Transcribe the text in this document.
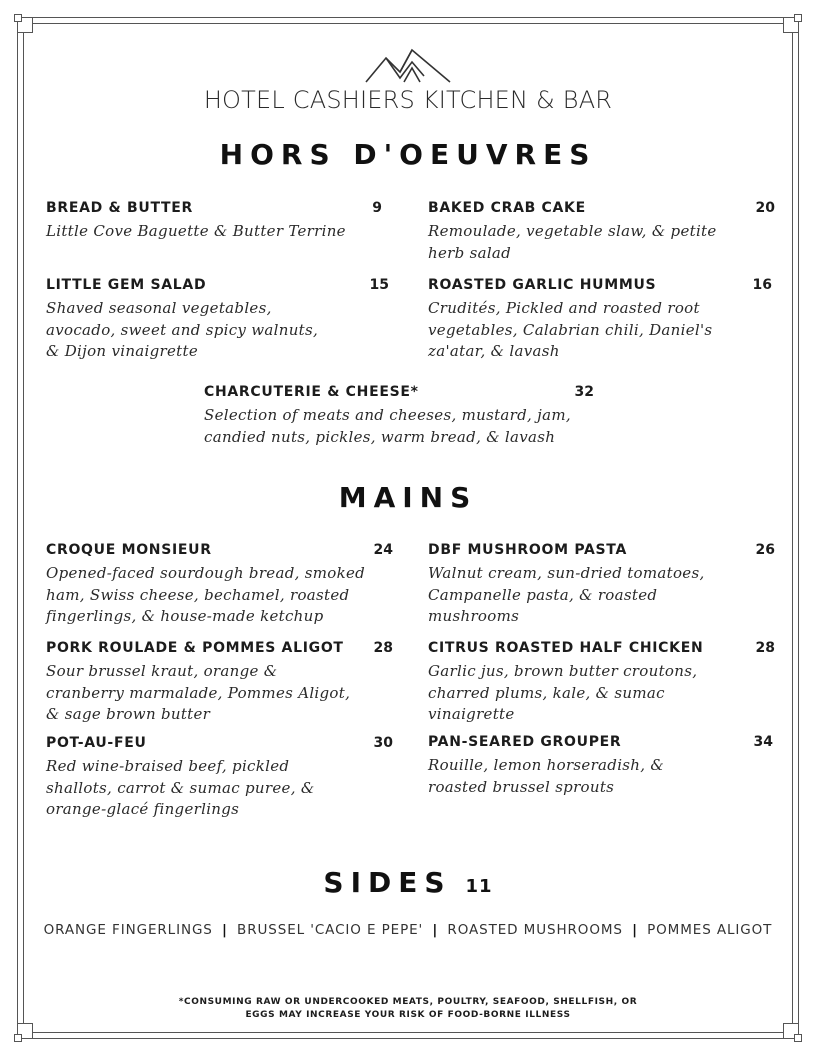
HOTEL CASHIERS KITCHEN & BAR
HORS D'OEUVRES
BREAD & BUTTER	9
Little Cove Baguette & Butter Terrine
BAKED CRAB CAKE	20
Remoulade, vegetable slaw, & petite
herb salad
LITTLE GEM SALAD	15
Shaved seasonal vegetables,
avocado, sweet and spicy walnuts,
& Dijon vinaigrette
ROASTED GARLIC HUMMUS	16
Crudités, Pickled and roasted root
vegetables, Calabrian chili, Daniel's
za'atar, & lavash
CHARCUTERIE & CHEESE*	32
Selection of meats and cheeses, mustard, jam,
candied nuts, pickles, warm bread, & lavash
MAINS
CROQUE MONSIEUR	24
Opened-faced sourdough bread, smoked
ham, Swiss cheese, bechamel, roasted
fingerlings, & house-made ketchup
DBF MUSHROOM PASTA	26
Walnut cream, sun-dried tomatoes,
Campanelle pasta, & roasted
mushrooms
PORK ROULADE & POMMES ALIGOT 28
Sour brussel kraut, orange &
cranberry marmalade, Pommes Aligot,
& sage brown butter
CITRUS ROASTED HALF CHICKEN	28
Garlic jus, brown butter croutons,
charred plums, kale, & sumac
vinaigrette
POT-AU-FEU	30
Red wine-braised beef, pickled
shallots, carrot & sumac puree, &
orange-glacé fingerlings
PAN-SEARED GROUPER	34
Rouille, lemon horseradish, &
roasted brussel sprouts
SIDES 11
ORANGE FINGERLINGS | BRUSSEL 'CACIO E PEPE' | ROASTED MUSHROOMS | POMMES ALIGOT
*CONSUMING RAW OR UNDERCOOKED MEATS, POULTRY, SEAFOOD, SHELLFISH, OR
EGGS MAY INCREASE YOUR RISK OF FOOD-BORNE ILLNESS
